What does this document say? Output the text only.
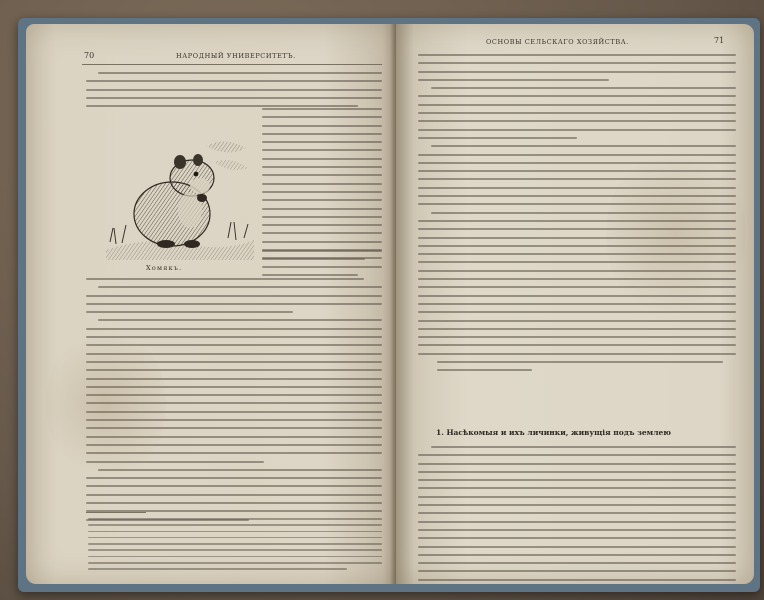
70	НАРОДНЫЙ УНИВЕРСИТЕТЪ.
Хомякъ.
ОСНОВЫ СЕЛЬСКАГО ХОЗЯЙСТВА.	71
1. Насѣкомыя и ихъ личинки, живущія подъ землею
